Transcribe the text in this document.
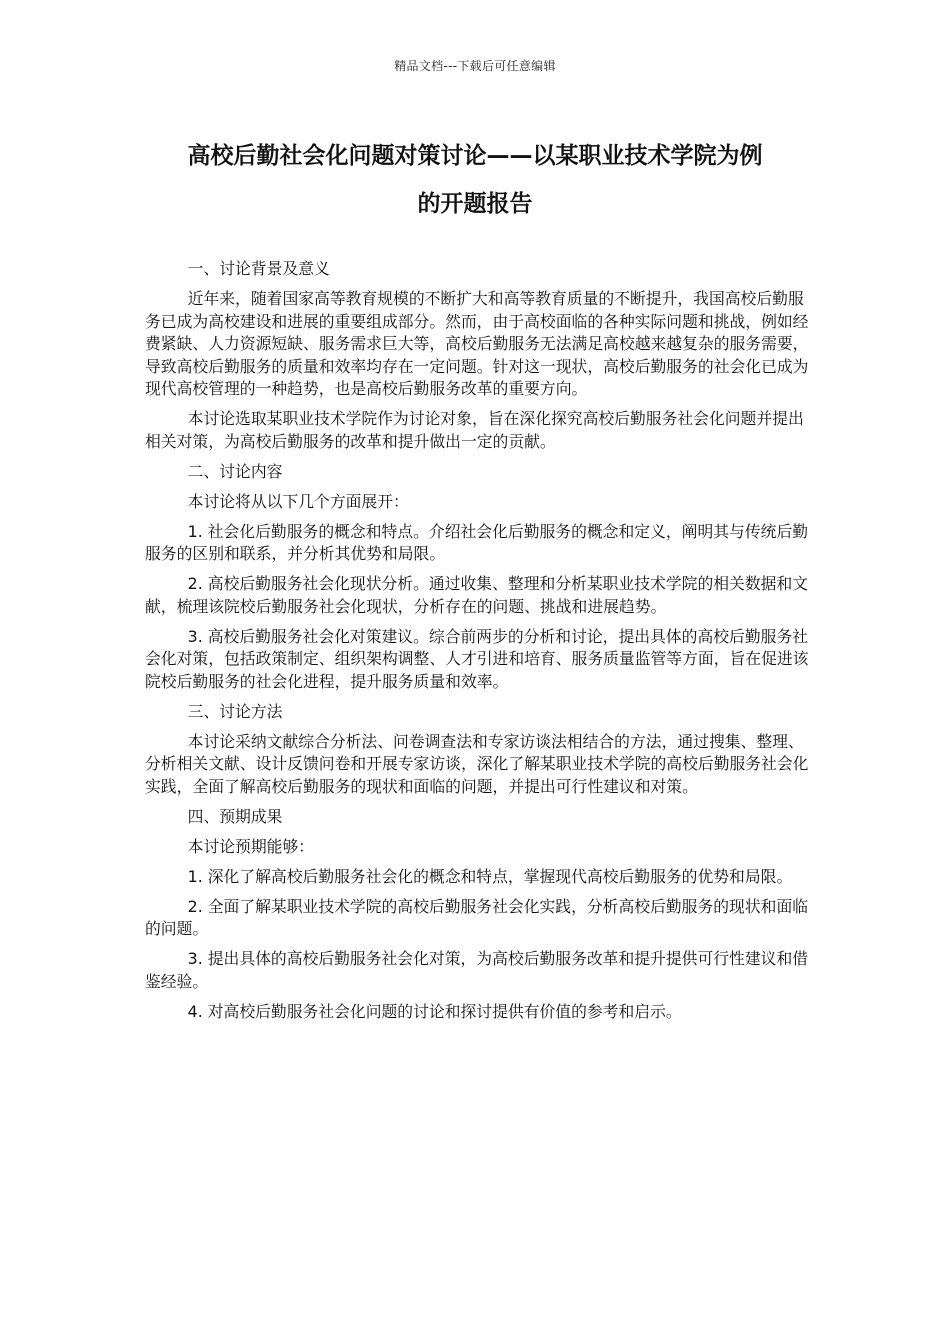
精品文档---下载后可任意编辑
高校后勤社会化问题对策讨论——以某职业技术学院为例
的开题报告

一、讨论背景及意义

近年来，随着国家高等教育规模的不断扩大和高等教育质量的不断提升，我国高校后勤服务已成为高校建设和进展的重要组成部分。然而，由于高校面临的各种实际问题和挑战，例如经费紧缺、人力资源短缺、服务需求巨大等，高校后勤服务无法满足高校越来越复杂的服务需要，导致高校后勤服务的质量和效率均存在一定问题。针对这一现状，高校后勤服务的社会化已成为现代高校管理的一种趋势，也是高校后勤服务改革的重要方向。

本讨论选取某职业技术学院作为讨论对象，旨在深化探究高校后勤服务社会化问题并提出相关对策，为高校后勤服务的改革和提升做出一定的贡献。

二、讨论内容

本讨论将从以下几个方面展开：

1. 社会化后勤服务的概念和特点。介绍社会化后勤服务的概念和定义，阐明其与传统后勤服务的区别和联系，并分析其优势和局限。

2. 高校后勤服务社会化现状分析。通过收集、整理和分析某职业技术学院的相关数据和文献，梳理该院校后勤服务社会化现状，分析存在的问题、挑战和进展趋势。

3. 高校后勤服务社会化对策建议。综合前两步的分析和讨论，提出具体的高校后勤服务社会化对策，包括政策制定、组织架构调整、人才引进和培育、服务质量监管等方面，旨在促进该院校后勤服务的社会化进程，提升服务质量和效率。

三、讨论方法

本讨论采纳文献综合分析法、问卷调查法和专家访谈法相结合的方法，通过搜集、整理、分析相关文献、设计反馈问卷和开展专家访谈，深化了解某职业技术学院的高校后勤服务社会化实践，全面了解高校后勤服务的现状和面临的问题，并提出可行性建议和对策。

四、预期成果

本讨论预期能够：

1. 深化了解高校后勤服务社会化的概念和特点，掌握现代高校后勤服务的优势和局限。

2. 全面了解某职业技术学院的高校后勤服务社会化实践，分析高校后勤服务的现状和面临的问题。

3. 提出具体的高校后勤服务社会化对策，为高校后勤服务改革和提升提供可行性建议和借鉴经验。

4. 对高校后勤服务社会化问题的讨论和探讨提供有价值的参考和启示。
